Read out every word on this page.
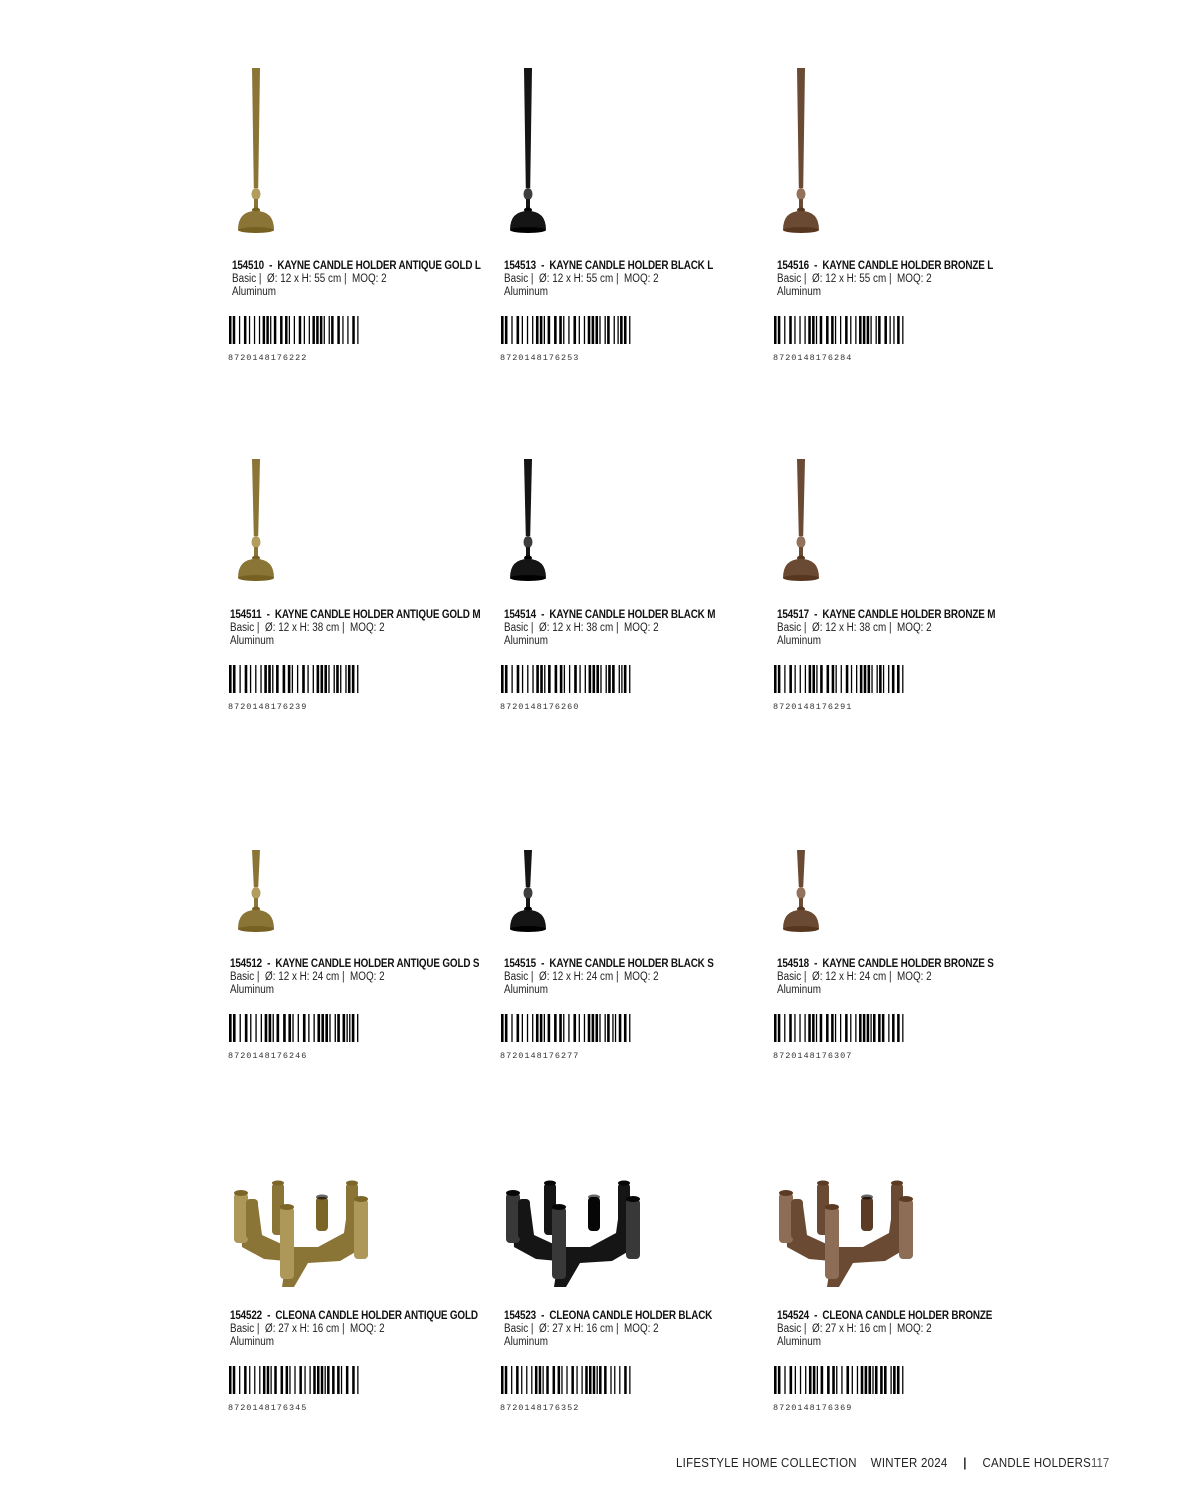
154510  -  KAYNE CANDLE HOLDER ANTIQUE GOLD L
Basic |  Ø: 12 x H: 55 cm |  MOQ: 2
Aluminum
8720148176222
154513  -  KAYNE CANDLE HOLDER BLACK L
Basic |  Ø: 12 x H: 55 cm |  MOQ: 2
Aluminum
8720148176253
154516  -  KAYNE CANDLE HOLDER BRONZE L
Basic |  Ø: 12 x H: 55 cm |  MOQ: 2
Aluminum
8720148176284
154511  -  KAYNE CANDLE HOLDER ANTIQUE GOLD M
Basic |  Ø: 12 x H: 38 cm |  MOQ: 2
Aluminum
8720148176239
154514  -  KAYNE CANDLE HOLDER BLACK M
Basic |  Ø: 12 x H: 38 cm |  MOQ: 2
Aluminum
8720148176260
154517  -  KAYNE CANDLE HOLDER BRONZE M
Basic |  Ø: 12 x H: 38 cm |  MOQ: 2
Aluminum
8720148176291
154512  -  KAYNE CANDLE HOLDER ANTIQUE GOLD S
Basic |  Ø: 12 x H: 24 cm |  MOQ: 2
Aluminum
8720148176246
154515  -  KAYNE CANDLE HOLDER BLACK S
Basic |  Ø: 12 x H: 24 cm |  MOQ: 2
Aluminum
8720148176277
154518  -  KAYNE CANDLE HOLDER BRONZE S
Basic |  Ø: 12 x H: 24 cm |  MOQ: 2
Aluminum
8720148176307
154522  -  CLEONA CANDLE HOLDER ANTIQUE GOLD
Basic |  Ø: 27 x H: 16 cm |  MOQ: 2
Aluminum
8720148176345
154523  -  CLEONA CANDLE HOLDER BLACK
Basic |  Ø: 27 x H: 16 cm |  MOQ: 2
Aluminum
8720148176352
154524  -  CLEONA CANDLE HOLDER BRONZE
Basic |  Ø: 27 x H: 16 cm |  MOQ: 2
Aluminum
8720148176369
LIFESTYLE HOME COLLECTION WINTER 2024 | CANDLE HOLDERS 117
